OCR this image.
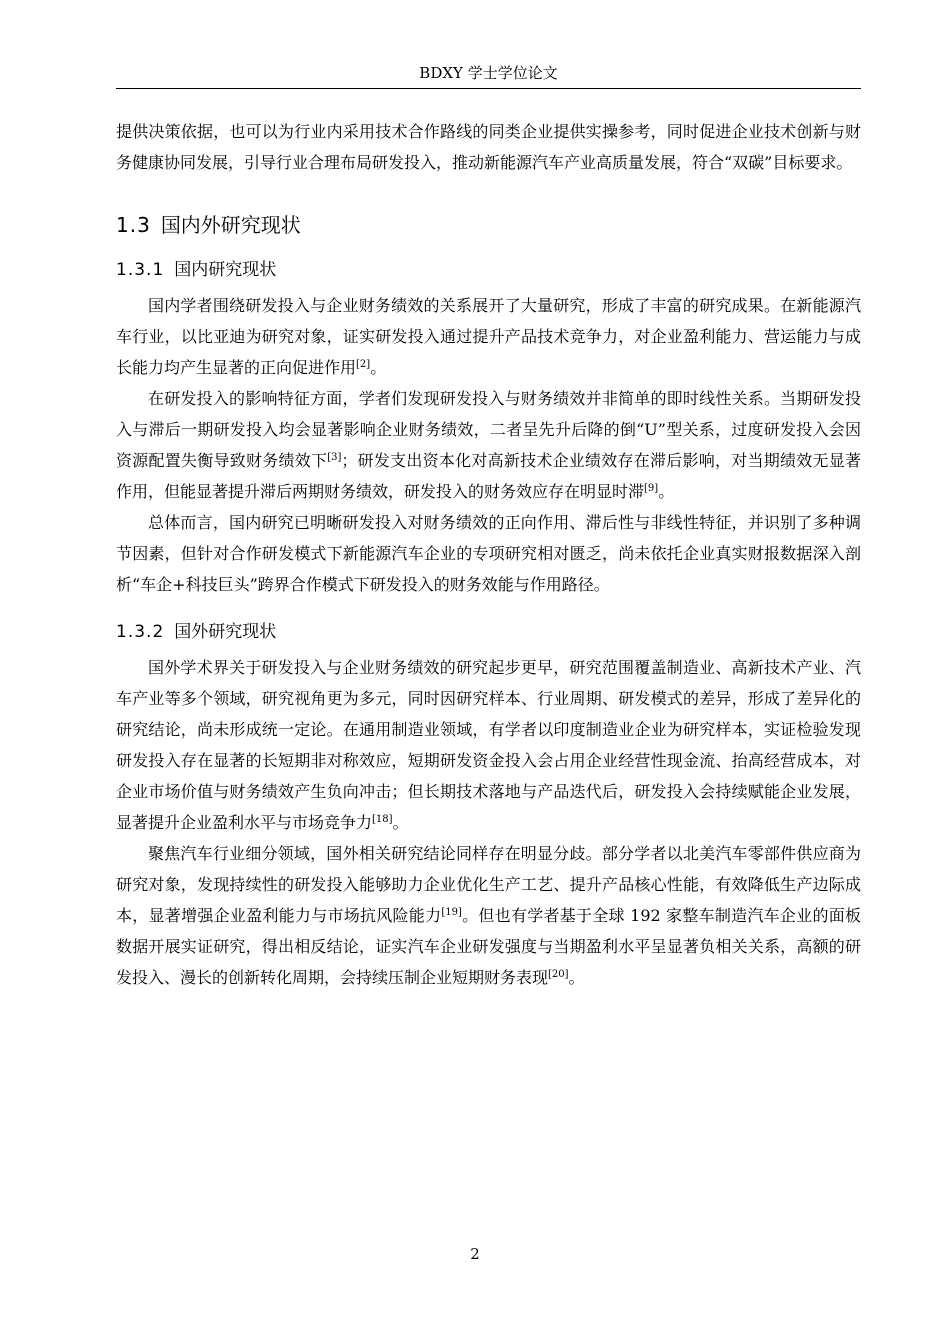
BDXY 学士学位论文

提供决策依据，也可以为行业内采用技术合作路线的同类企业提供实操参考，同时促进企业技术创新与财务健康协同发展，引导行业合理布局研发投入，推动新能源汽车产业高质量发展，符合“双碳”目标要求。

1.3 国内外研究现状
1.3.1 国内研究现状

国内学者围绕研发投入与企业财务绩效的关系展开了大量研究，形成了丰富的研究成果。在新能源汽车行业，以比亚迪为研究对象，证实研发投入通过提升产品技术竞争力，对企业盈利能力、营运能力与成长能力均产生显著的正向促进作用[2]。

在研发投入的影响特征方面，学者们发现研发投入与财务绩效并非简单的即时线性关系。当期研发投入与滞后一期研发投入均会显著影响企业财务绩效，二者呈先升后降的倒“U”型关系，过度研发投入会因资源配置失衡导致财务绩效下[3]；研发支出资本化对高新技术企业绩效存在滞后影响，对当期绩效无显著作用，但能显著提升滞后两期财务绩效，研发投入的财务效应存在明显时滞[9]。

总体而言，国内研究已明晰研发投入对财务绩效的正向作用、滞后性与非线性特征，并识别了多种调节因素，但针对合作研发模式下新能源汽车企业的专项研究相对匮乏，尚未依托企业真实财报数据深入剖析“车企+科技巨头”跨界合作模式下研发投入的财务效能与作用路径。

1.3.2 国外研究现状

国外学术界关于研发投入与企业财务绩效的研究起步更早，研究范围覆盖制造业、高新技术产业、汽车产业等多个领域，研究视角更为多元，同时因研究样本、行业周期、研发模式的差异，形成了差异化的研究结论，尚未形成统一定论。在通用制造业领域，有学者以印度制造业企业为研究样本，实证检验发现研发投入存在显著的长短期非对称效应，短期研发资金投入会占用企业经营性现金流、抬高经营成本，对企业市场价值与财务绩效产生负向冲击；但长期技术落地与产品迭代后，研发投入会持续赋能企业发展，显著提升企业盈利水平与市场竞争力[18]。

聚焦汽车行业细分领域，国外相关研究结论同样存在明显分歧。部分学者以北美汽车零部件供应商为研究对象，发现持续性的研发投入能够助力企业优化生产工艺、提升产品核心性能，有效降低生产边际成本，显著增强企业盈利能力与市场抗风险能力[19]。但也有学者基于全球 192 家整车制造汽车企业的面板数据开展实证研究，得出相反结论，证实汽车企业研发强度与当期盈利水平呈显著负相关关系，高额的研发投入、漫长的创新转化周期，会持续压制企业短期财务表现[20]。

2
